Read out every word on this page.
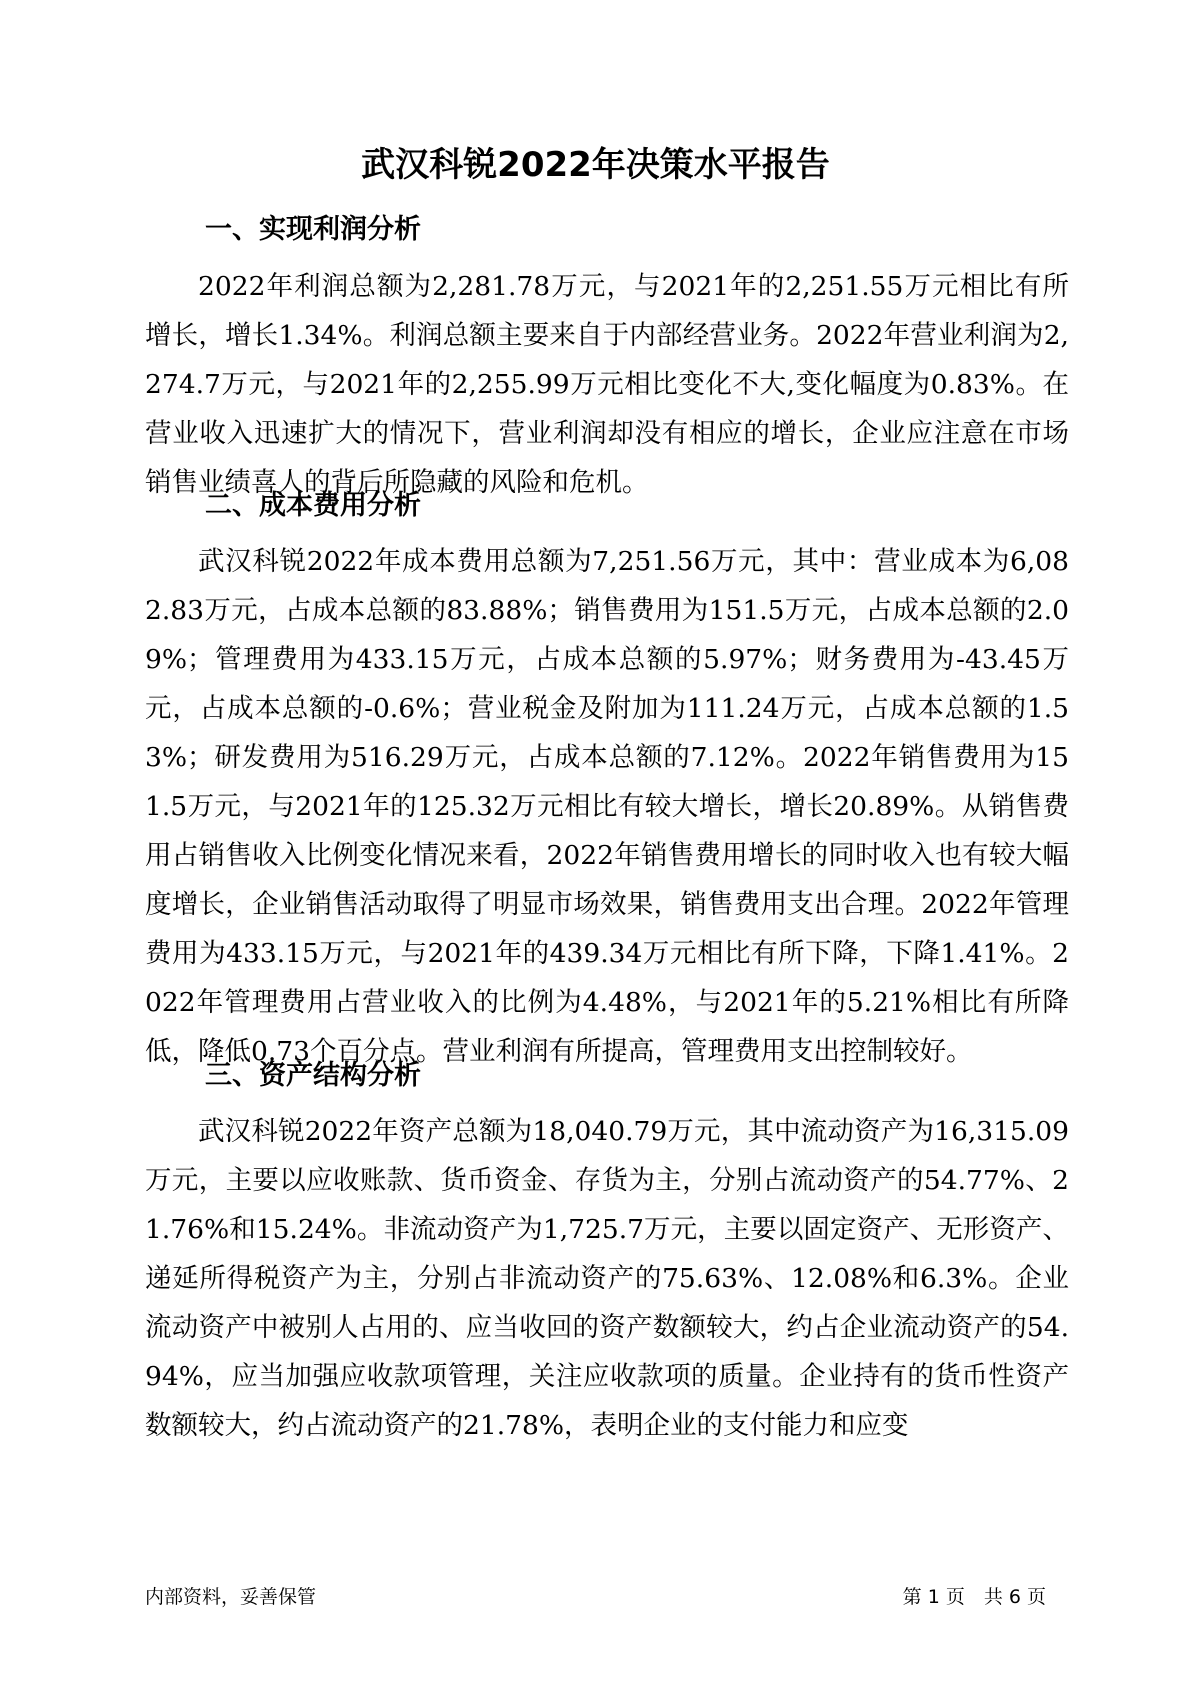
武汉科锐2022年决策水平报告
一、实现利润分析

2022年利润总额为2,281.78万元，与2021年的2,251.55万元相比有所增长，增长1.34%。利润总额主要来自于内部经营业务。2022年营业利润为2,274.7万元，与2021年的2,255.99万元相比变化不大,变化幅度为0.83%。在营业收入迅速扩大的情况下，营业利润却没有相应的增长，企业应注意在市场销售业绩喜人的背后所隐藏的风险和危机。

二、成本费用分析

武汉科锐2022年成本费用总额为7,251.56万元，其中：营业成本为6,082.83万元，占成本总额的83.88%；销售费用为151.5万元，占成本总额的2.09%；管理费用为433.15万元，占成本总额的5.97%；财务费用为-43.45万元，占成本总额的-0.6%；营业税金及附加为111.24万元，占成本总额的1.53%；研发费用为516.29万元，占成本总额的7.12%。2022年销售费用为151.5万元，与2021年的125.32万元相比有较大增长，增长20.89%。从销售费用占销售收入比例变化情况来看，2022年销售费用增长的同时收入也有较大幅度增长，企业销售活动取得了明显市场效果，销售费用支出合理。2022年管理费用为433.15万元，与2021年的439.34万元相比有所下降，下降1.41%。2022年管理费用占营业收入的比例为4.48%，与2021年的5.21%相比有所降低，降低0.73个百分点。营业利润有所提高，管理费用支出控制较好。

三、资产结构分析

武汉科锐2022年资产总额为18,040.79万元，其中流动资产为16,315.09万元，主要以应收账款、货币资金、存货为主，分别占流动资产的54.77%、21.76%和15.24%。非流动资产为1,725.7万元，主要以固定资产、无形资产、递延所得税资产为主，分别占非流动资产的75.63%、12.08%和6.3%。企业流动资产中被别人占用的、应当收回的资产数额较大，约占企业流动资产的54.94%，应当加强应收款项管理，关注应收款项的质量。企业持有的货币性资产数额较大，约占流动资产的21.78%，表明企业的支付能力和应变

内部资料，妥善保管	第 1 页　共 6 页
